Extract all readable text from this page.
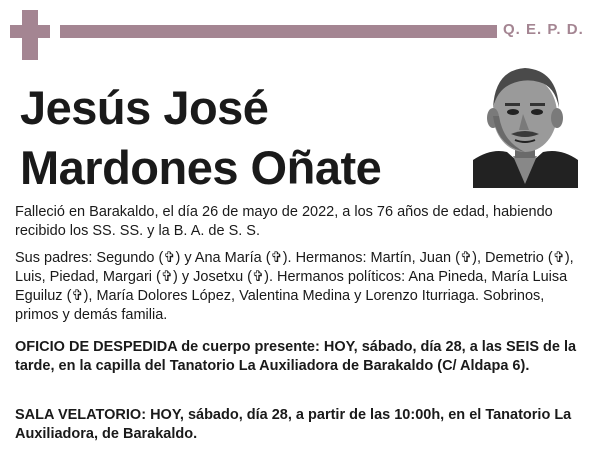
Q. E. P. D.
Jesús José
Mardones Oñate
Falleció en Barakaldo, el día 26 de mayo de 2022, a los 76 años de edad, habiendo recibido los SS. SS. y la B. A. de S. S.
Sus padres: Segundo (✞) y Ana María (✞). Hermanos: Martín, Juan (✞), Demetrio (✞), Luis, Piedad, Margari (✞) y Josetxu (✞). Hermanos políticos: Ana Pineda, María Luisa Eguiluz (✞), María Dolores López, Valentina Medina y Lorenzo Iturriaga. Sobrinos, primos y demás familia.
OFICIO DE DESPEDIDA de cuerpo presente: HOY, sábado, día 28, a las SEIS de la tarde, en la capilla del Tanatorio La Auxiliadora de Barakaldo (C/ Aldapa 6).
SALA VELATORIO: HOY, sábado, día 28, a partir de las 10:00h, en el Tanatorio La Auxiliadora, de Barakaldo.
